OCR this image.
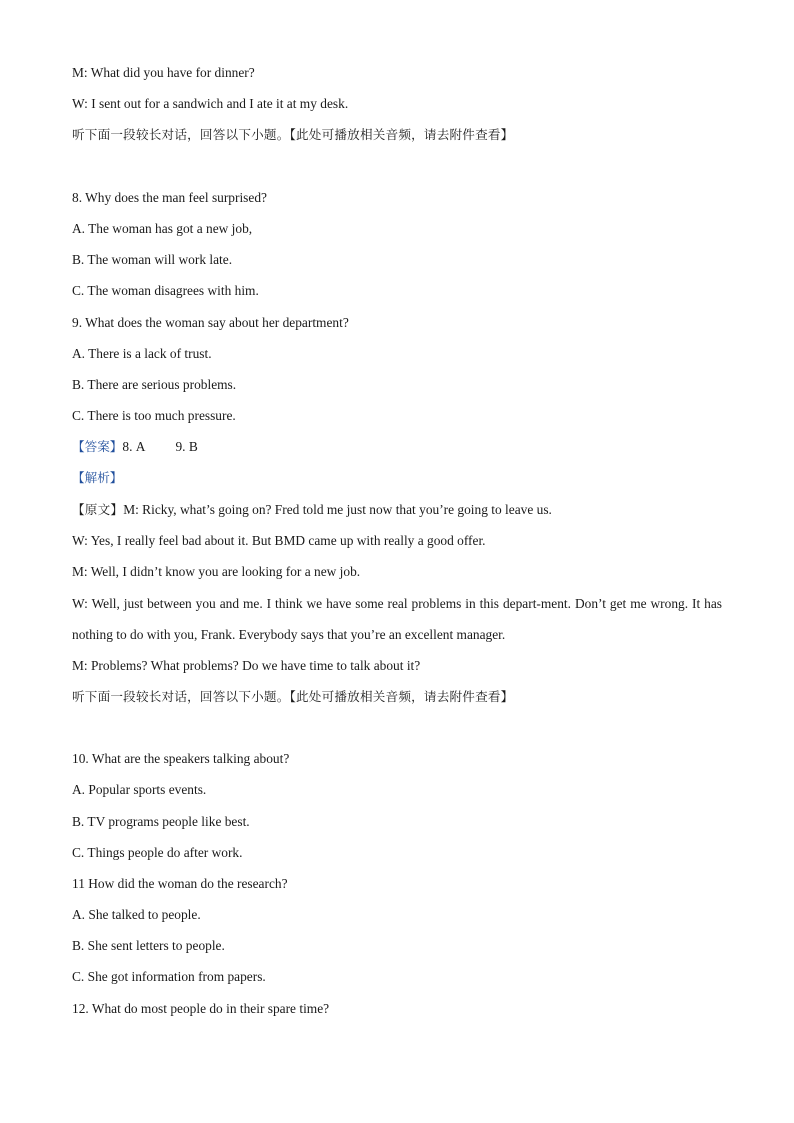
M: What did you have for dinner?

W: I sent out for a sandwich and I ate it at my desk.

听下面一段较长对话，回答以下小题。【此处可播放相关音频，请去附件查看】

8. Why does the man feel surprised?

A. The woman has got a new job,

B. The woman will work late.

C. The woman disagrees with him.

9. What does the woman say about her department?

A. There is a lack of trust.

B. There are serious problems.

C. There is too much pressure.

【答案】8. A 9. B

【解析】

【原文】M: Ricky, what’s going on? Fred told me just now that you’re going to leave us.

W: Yes, I really feel bad about it. But BMD came up with really a good offer.

M: Well, I didn’t know you are looking for a new job.

W: Well, just between you and me. I think we have some real problems in this depart-ment. Don’t get me wrong. It has nothing to do with you, Frank. Everybody says that you’re an excellent manager.

M: Problems? What problems? Do we have time to talk about it?

听下面一段较长对话，回答以下小题。【此处可播放相关音频，请去附件查看】

10. What are the speakers talking about?

A. Popular sports events.

B. TV programs people like best.

C. Things people do after work.

11 How did the woman do the research?

A. She talked to people.

B. She sent letters to people.

C. She got information from papers.

12. What do most people do in their spare time?
